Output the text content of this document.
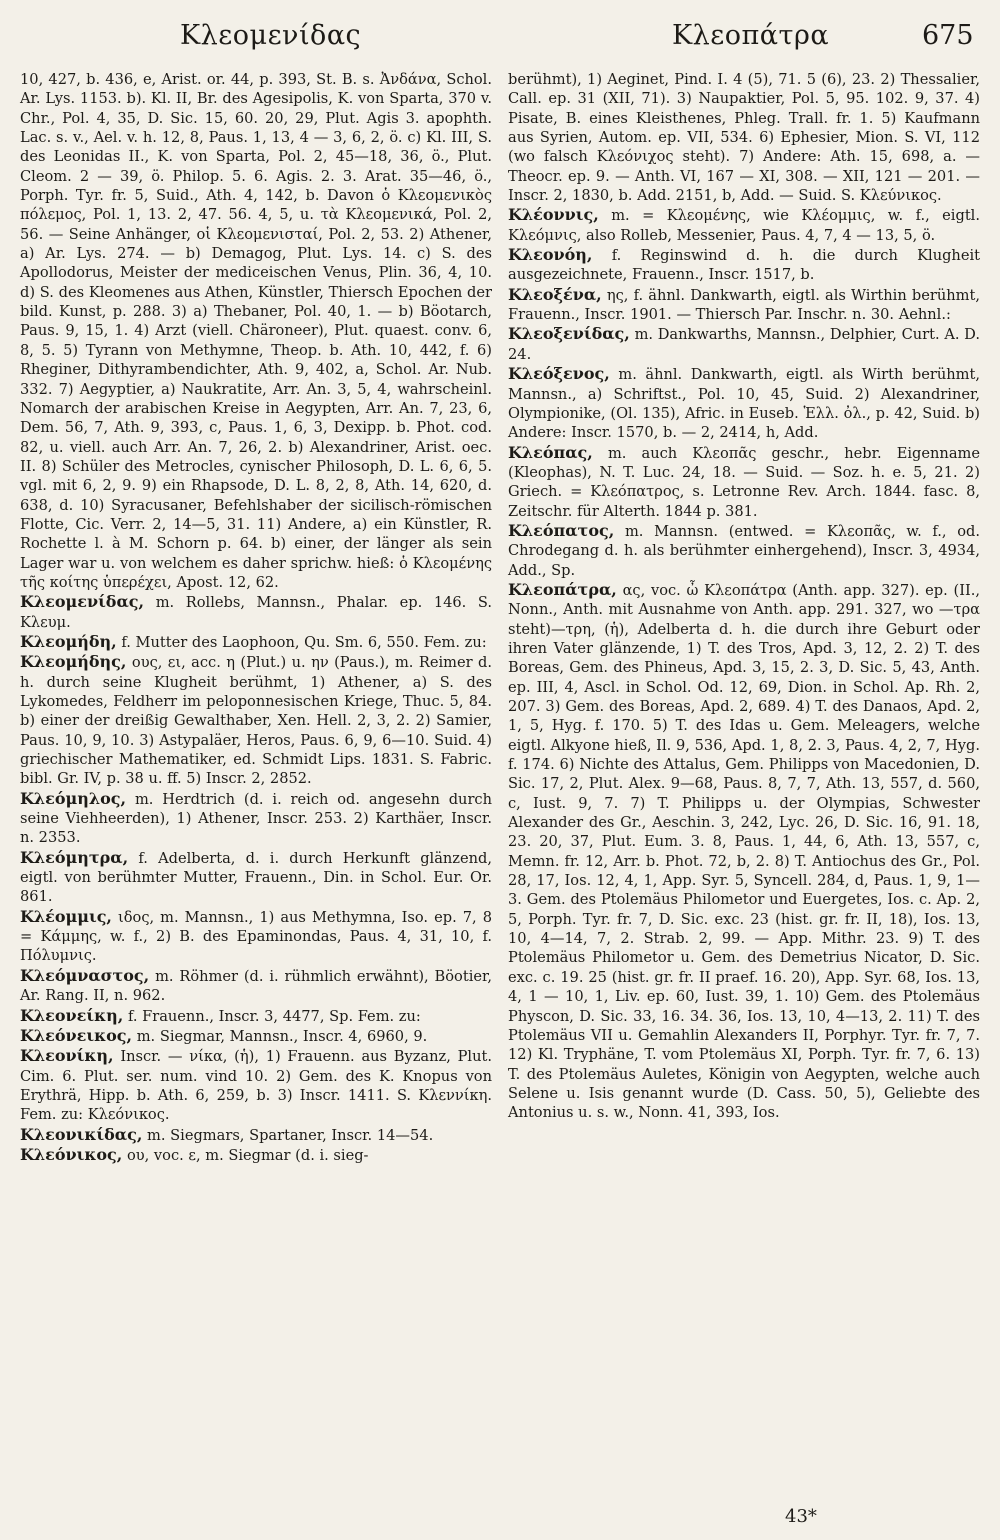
Κλεομενίδας	Κλεοπάτρα	675

10, 427, b. 436, e, Arist. or. 44, p. 393, St. B. s. Ἀνδάνα, Schol. Ar. Lys. 1153. b). Kl. II, Br. des Agesipolis, K. von Sparta, 370 v. Chr., Pol. 4, 35, D. Sic. 15, 60. 20, 29, Plut. Agis 3. apophth. Lac. s. v., Ael. v. h. 12, 8, Paus. 1, 13, 4 — 3, 6, 2, ö. c) Kl. III, S. des Leonidas II., K. von Sparta, Pol. 2, 45—18, 36, ö., Plut. Cleom. 2 — 39, ö. Philop. 5. 6. Agis. 2. 3. Arat. 35—46, ö., Porph. Tyr. fr. 5, Suid., Ath. 4, 142, b. Davon ὁ Κλεομενικὸς πόλεμος, Pol. 1, 13. 2, 47. 56. 4, 5, u. τὰ Κλεομενικά, Pol. 2, 56. — Seine Anhänger, οἱ Κλεομενισταί, Pol. 2, 53. 2) Athener, a) Ar. Lys. 274. — b) Demagog, Plut. Lys. 14. c) S. des Apollodorus, Meister der mediceischen Venus, Plin. 36, 4, 10. d) S. des Kleomenes aus Athen, Künstler, Thiersch Epochen der bild. Kunst, p. 288. 3) a) Thebaner, Pol. 40, 1. — b) Böotarch, Paus. 9, 15, 1. 4) Arzt (viell. Chäroneer), Plut. quaest. conv. 6, 8, 5. 5) Tyrann von Methymne, Theop. b. Ath. 10, 442, f. 6) Rheginer, Dithyrambendichter, Ath. 9, 402, a, Schol. Ar. Nub. 332. 7) Aegyptier, a) Naukratite, Arr. An. 3, 5, 4, wahrscheinl. Nomarch der arabischen Kreise in Aegypten, Arr. An. 7, 23, 6, Dem. 56, 7, Ath. 9, 393, c, Paus. 1, 6, 3, Dexipp. b. Phot. cod. 82, u. viell. auch Arr. An. 7, 26, 2. b) Alexandriner, Arist. oec. II. 8) Schüler des Metrocles, cynischer Philosoph, D. L. 6, 6, 5. vgl. mit 6, 2, 9. 9) ein Rhapsode, D. L. 8, 2, 8, Ath. 14, 620, d. 638, d. 10) Syracusaner, Befehlshaber der sicilisch-römischen Flotte, Cic. Verr. 2, 14—5, 31. 11) Andere, a) ein Künstler, R. Rochette l. à M. Schorn p. 64. b) einer, der länger als sein Lager war u. von welchem es daher sprichw. hieß: ὁ Κλεομένης τῆς κοίτης ὑπερέχει, Apost. 12, 62.

Κλεομενίδας, m. Rollebs, Mannsn., Phalar. ep. 146. S. Κλευμ.

Κλεομήδη, f. Mutter des Laophoon, Qu. Sm. 6, 550. Fem. zu:

Κλεομήδης, ους, ει, acc. η (Plut.) u. ην (Paus.), m. Reimer d. h. durch seine Klugheit berühmt, 1) Athener, a) S. des Lykomedes, Feldherr im peloponnesischen Kriege, Thuc. 5, 84. b) einer der dreißig Gewalthaber, Xen. Hell. 2, 3, 2. 2) Samier, Paus. 10, 9, 10. 3) Astypaläer, Heros, Paus. 6, 9, 6—10. Suid. 4) griechischer Mathematiker, ed. Schmidt Lips. 1831. S. Fabric. bibl. Gr. IV, p. 38 u. ff. 5) Inscr. 2, 2852.

Κλεόμηλος, m. Herdtrich (d. i. reich od. angesehn durch seine Viehheerden), 1) Athener, Inscr. 253. 2) Karthäer, Inscr. n. 2353.

Κλεόμητρα, f. Adelberta, d. i. durch Herkunft glänzend, eigtl. von berühmter Mutter, Frauenn., Din. in Schol. Eur. Or. 861.

Κλέομμις, ιδος, m. Mannsn., 1) aus Methymna, Iso. ep. 7, 8 = Κάμμης, w. f., 2) B. des Epaminondas, Paus. 4, 31, 10, f. Πόλυμνις.

Κλεόμναστος, m. Röhmer (d. i. rühmlich erwähnt), Böotier, Ar. Rang. II, n. 962.

Κλεονείκη, f. Frauenn., Inscr. 3, 4477, Sp. Fem. zu:

Κλεόνεικος, m. Siegmar, Mannsn., Inscr. 4, 6960, 9.

Κλεονίκη, Inscr. — νίκα, (ἡ), 1) Frauenn. aus Byzanz, Plut. Cim. 6. Plut. ser. num. vind 10. 2) Gem. des K. Knopus von Erythrä, Hipp. b. Ath. 6, 259, b. 3) Inscr. 1411. S. Κλεννίκη. Fem. zu: Κλεόνικος.

Κλεονικίδας, m. Siegmars, Spartaner, Inscr. 14—54.

Κλεόνικος, ου, voc. ε, m. Siegmar (d. i. sieg-

berühmt), 1) Aeginet, Pind. I. 4 (5), 71. 5 (6), 23. 2) Thessalier, Call. ep. 31 (XII, 71). 3) Naupaktier, Pol. 5, 95. 102. 9, 37. 4) Pisate, B. eines Kleisthenes, Phleg. Trall. fr. 1. 5) Kaufmann aus Syrien, Autom. ep. VII, 534. 6) Ephesier, Mion. S. VI, 112 (wo falsch Κλεόνιχος steht). 7) Andere: Ath. 15, 698, a. — Theocr. ep. 9. — Anth. VI, 167 — XI, 308. — XII, 121 — 201. — Inscr. 2, 1830, b. Add. 2151, b, Add. — Suid. S. Κλεύνικος.

Κλέοννις, m. = Κλεομένης, wie Κλέομμις, w. f., eigtl. Κλεόμνις, also Rolleb, Messenier, Paus. 4, 7, 4 — 13, 5, ö.

Κλεονόη, f. Reginswind d. h. die durch Klugheit ausgezeichnete, Frauenn., Inscr. 1517, b.

Κλεοξένα, ης, f. ähnl. Dankwarth, eigtl. als Wirthin berühmt, Frauenn., Inscr. 1901. — Thiersch Par. Inschr. n. 30. Aehnl.:

Κλεοξενίδας, m. Dankwarths, Mannsn., Delphier, Curt. A. D. 24.

Κλεόξενος, m. ähnl. Dankwarth, eigtl. als Wirth berühmt, Mannsn., a) Schriftst., Pol. 10, 45, Suid. 2) Alexandriner, Olympionike, (Ol. 135), Afric. in Euseb. Ἑλλ. ὀλ., p. 42, Suid. b) Andere: Inscr. 1570, b. — 2, 2414, h, Add.

Κλεόπας, m. auch Κλεοπᾶς geschr., hebr. Eigenname (Kleophas), N. T. Luc. 24, 18. — Suid. — Soz. h. e. 5, 21. 2) Griech. = Κλεόπατρος, s. Letronne Rev. Arch. 1844. fasc. 8, Zeitschr. für Alterth. 1844 p. 381.

Κλεόπατος, m. Mannsn. (entwed. = Κλεοπᾶς, w. f., od. Chrodegang d. h. als berühmter einhergehend), Inscr. 3, 4934, Add., Sp.

Κλεοπάτρα, ας, voc. ὦ Κλεοπάτρα (Anth. app. 327). ep. (II., Nonn., Anth. mit Ausnahme von Anth. app. 291. 327, wo —τρα steht)—τρη, (ἡ), Adelberta d. h. die durch ihre Geburt oder ihren Vater glänzende, 1) T. des Tros, Apd. 3, 12, 2. 2) T. des Boreas, Gem. des Phineus, Apd. 3, 15, 2. 3, D. Sic. 5, 43, Anth. ep. III, 4, Ascl. in Schol. Od. 12, 69, Dion. in Schol. Ap. Rh. 2, 207. 3) Gem. des Boreas, Apd. 2, 689. 4) T. des Danaos, Apd. 2, 1, 5, Hyg. f. 170. 5) T. des Idas u. Gem. Meleagers, welche eigtl. Alkyone hieß, Il. 9, 536, Apd. 1, 8, 2. 3, Paus. 4, 2, 7, Hyg. f. 174. 6) Nichte des Attalus, Gem. Philipps von Macedonien, D. Sic. 17, 2, Plut. Alex. 9—68, Paus. 8, 7, 7, Ath. 13, 557, d. 560, c, Iust. 9, 7. 7) T. Philipps u. der Olympias, Schwester Alexander des Gr., Aeschin. 3, 242, Lyc. 26, D. Sic. 16, 91. 18, 23. 20, 37, Plut. Eum. 3. 8, Paus. 1, 44, 6, Ath. 13, 557, c, Memn. fr. 12, Arr. b. Phot. 72, b, 2. 8) T. Antiochus des Gr., Pol. 28, 17, Ios. 12, 4, 1, App. Syr. 5, Syncell. 284, d, Paus. 1, 9, 1—3. Gem. des Ptolemäus Philometor und Euergetes, Ios. c. Ap. 2, 5, Porph. Tyr. fr. 7, D. Sic. exc. 23 (hist. gr. fr. II, 18), Ios. 13, 10, 4—14, 7, 2. Strab. 2, 99. — App. Mithr. 23. 9) T. des Ptolemäus Philometor u. Gem. des Demetrius Nicator, D. Sic. exc. c. 19. 25 (hist. gr. fr. II praef. 16. 20), App. Syr. 68, Ios. 13, 4, 1 — 10, 1, Liv. ep. 60, Iust. 39, 1. 10) Gem. des Ptolemäus Physcon, D. Sic. 33, 16. 34. 36, Ios. 13, 10, 4—13, 2. 11) T. des Ptolemäus VII u. Gemahlin Alexanders II, Porphyr. Tyr. fr. 7, 7. 12) Kl. Tryphäne, T. vom Ptolemäus XI, Porph. Tyr. fr. 7, 6. 13) T. des Ptolemäus Auletes, Königin von Aegypten, welche auch Selene u. Isis genannt wurde (D. Cass. 50, 5), Geliebte des Antonius u. s. w., Nonn. 41, 393, Ios.

43*
